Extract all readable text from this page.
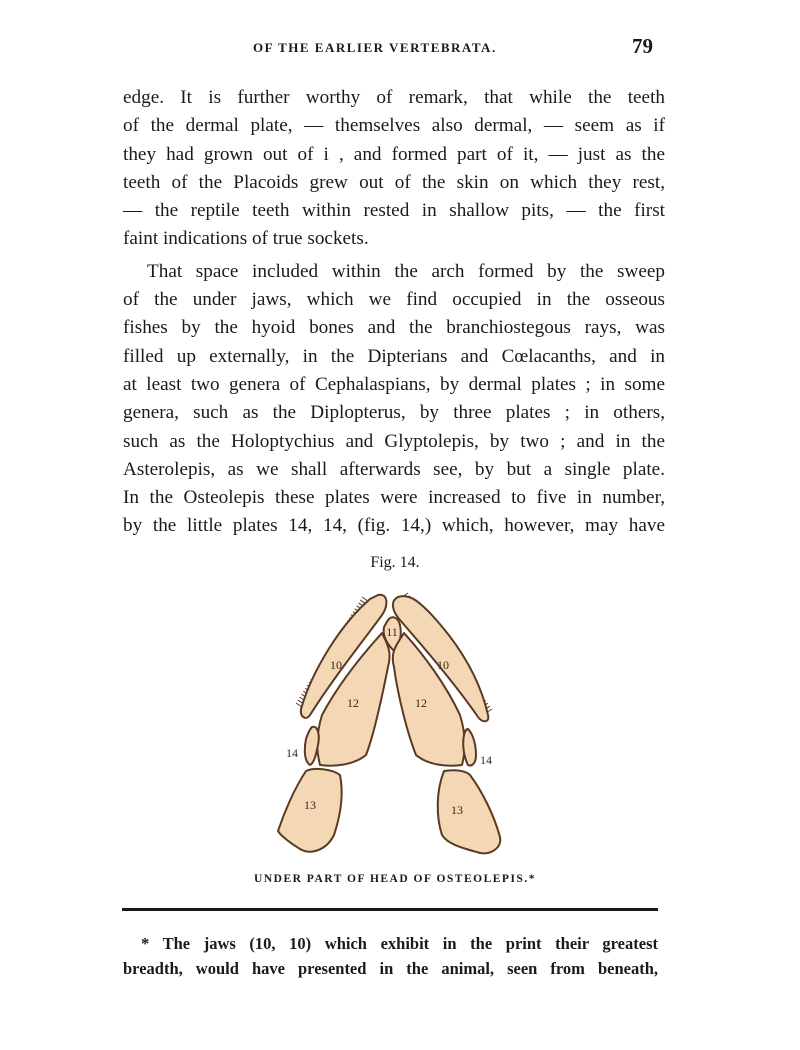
OF THE EARLIER VERTEBRATA.	79
edge. It is further worthy of remark, that while the teeth
of the dermal plate, — themselves also dermal, — seem as if
they had grown out of i , and formed part of it, — just as the
teeth of the Placoids grew out of the skin on which they rest,
— the reptile teeth within rested in shallow pits, — the first
faint indications of true sockets.
That space included within the arch formed by the sweep
of the under jaws, which we find occupied in the osseous
fishes by the hyoid bones and the branchiostegous rays, was
filled up externally, in the Dipterians and Cœlacanths, and in
at least two genera of Cephalaspians, by dermal plates ; in some
genera, such as the Diplopterus, by three plates ; in others,
such as the Holoptychius and Glyptolepis, by two ; and in the
Asterolepis, as we shall afterwards see, by but a single plate.
In the Osteolepis these plates were increased to five in number,
by the little plates 14, 14, (fig. 14,) which, however, may have
Fig. 14.
11
10	10
12	12
14	14
13	13
UNDER PART OF HEAD OF OSTEOLEPIS.*
* The jaws (10, 10) which exhibit in the print their greatest
breadth, would have presented in the animal, seen from beneath,
